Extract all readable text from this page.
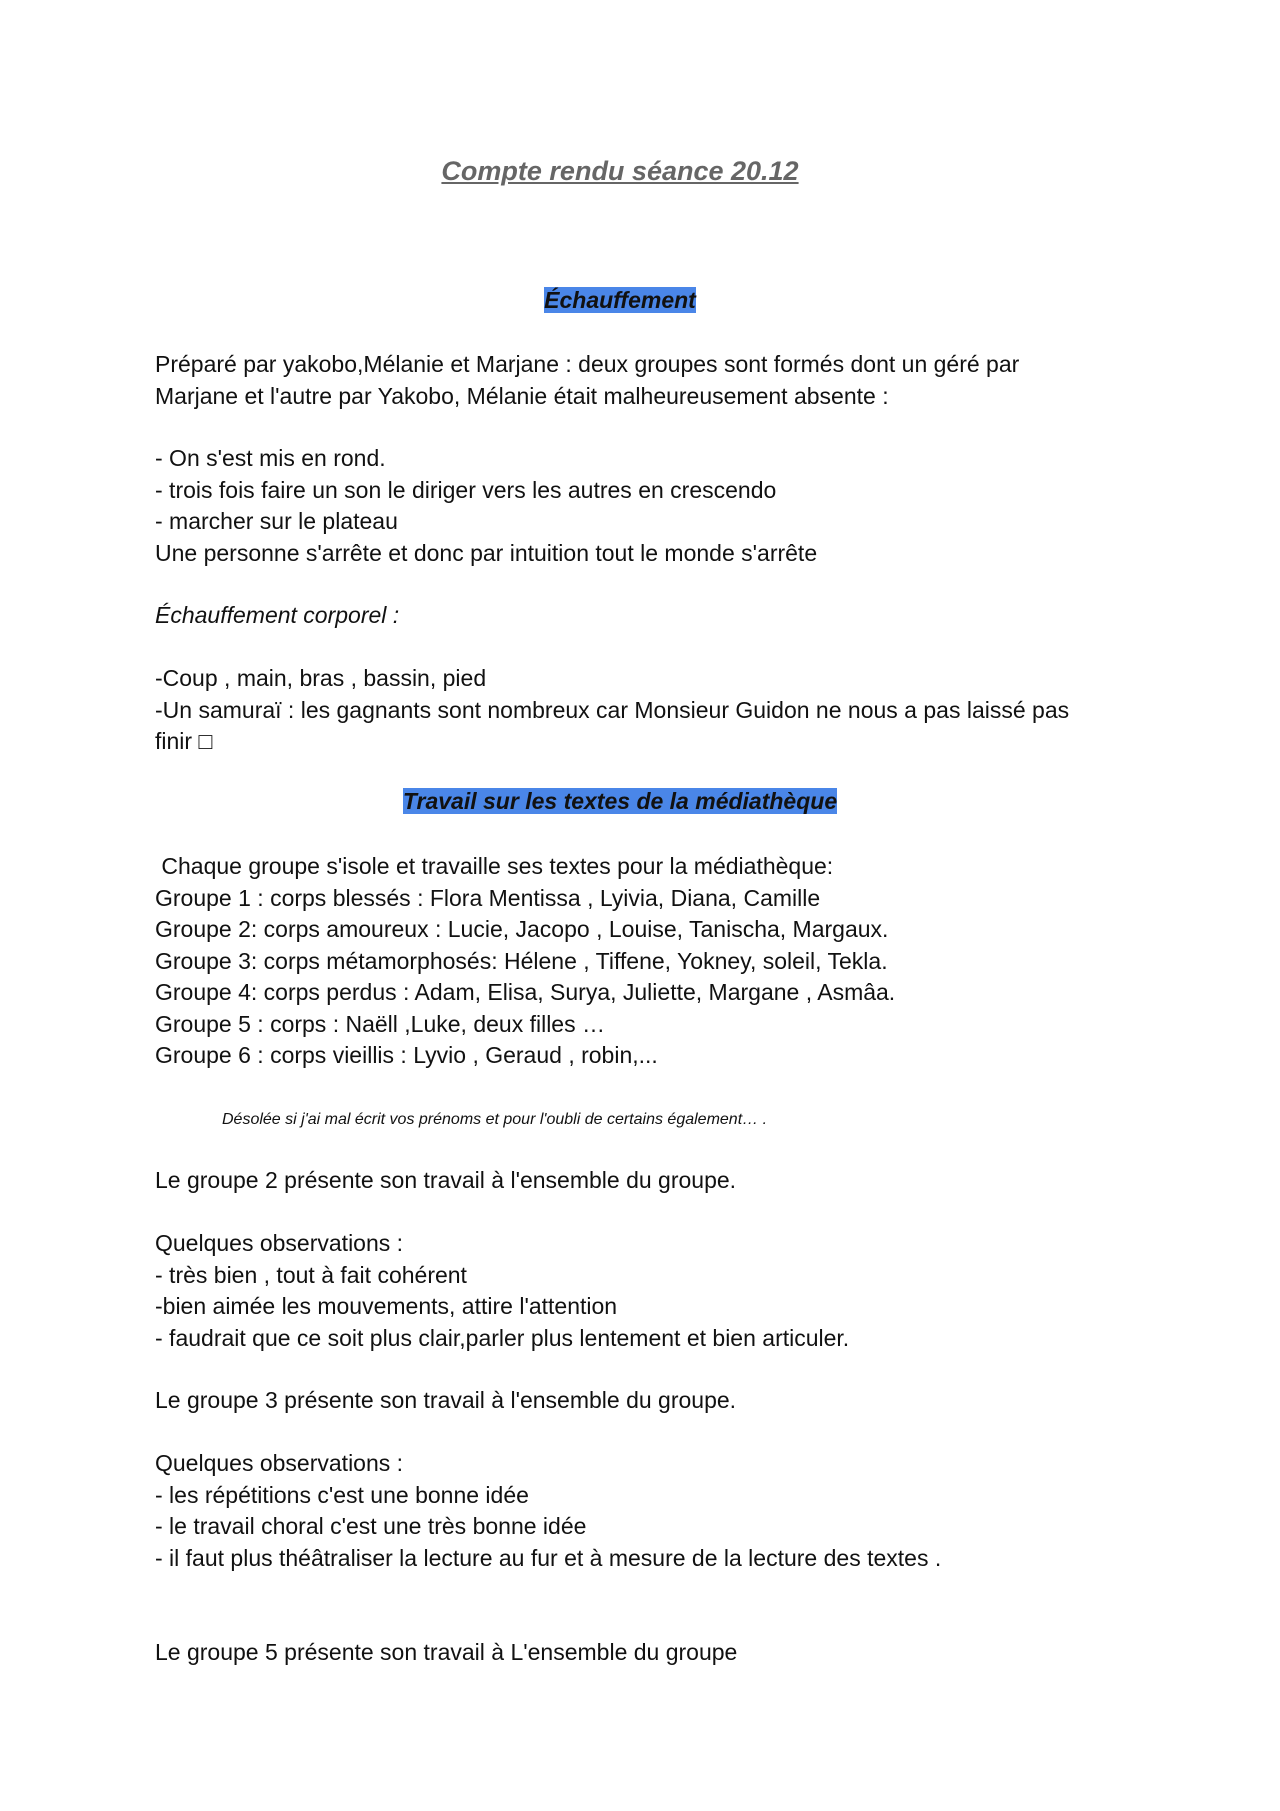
Compte rendu séance 20.12
Échauffement

Préparé par yakobo,Mélanie et Marjane : deux groupes sont formés dont un géré par

Marjane et l'autre par Yakobo, Mélanie était malheureusement absente :

- On s'est mis en rond.

- trois fois faire un son le diriger vers les autres en crescendo

- marcher sur le plateau

Une personne s'arrête et donc par intuition tout le monde s'arrête

Échauffement corporel :

-Coup , main, bras , bassin, pied

-Un samuraï : les gagnants sont nombreux car Monsieur Guidon ne nous a pas laissé pas

finir □

Travail sur les textes de la médiathèque

Chaque groupe s'isole et travaille ses textes pour la médiathèque:

Groupe 1 : corps blessés : Flora Mentissa , Lyivia, Diana, Camille

Groupe 2: corps amoureux : Lucie, Jacopo , Louise, Tanischa, Margaux.

Groupe 3: corps métamorphosés: Hélene , Tiffene, Yokney, soleil, Tekla.

Groupe 4: corps perdus : Adam, Elisa, Surya, Juliette, Margane , Asmâa.

Groupe 5 : corps : Naëll ,Luke, deux filles …

Groupe 6 : corps vieillis : Lyvio , Geraud , robin,...

Désolée si j'ai mal écrit vos prénoms et pour l'oubli de certains également… .

Le groupe 2 présente son travail à l'ensemble du groupe.

Quelques observations :

- très bien , tout à fait cohérent

-bien aimée les mouvements, attire l'attention

- faudrait que ce soit plus clair,parler plus lentement et bien articuler.

Le groupe 3 présente son travail à l'ensemble du groupe.

Quelques observations :

- les répétitions c'est une bonne idée

- le travail choral c'est une très bonne idée

- il faut plus théâtraliser la lecture au fur et à mesure de la lecture des textes .

Le groupe 5 présente son travail à L'ensemble du groupe
